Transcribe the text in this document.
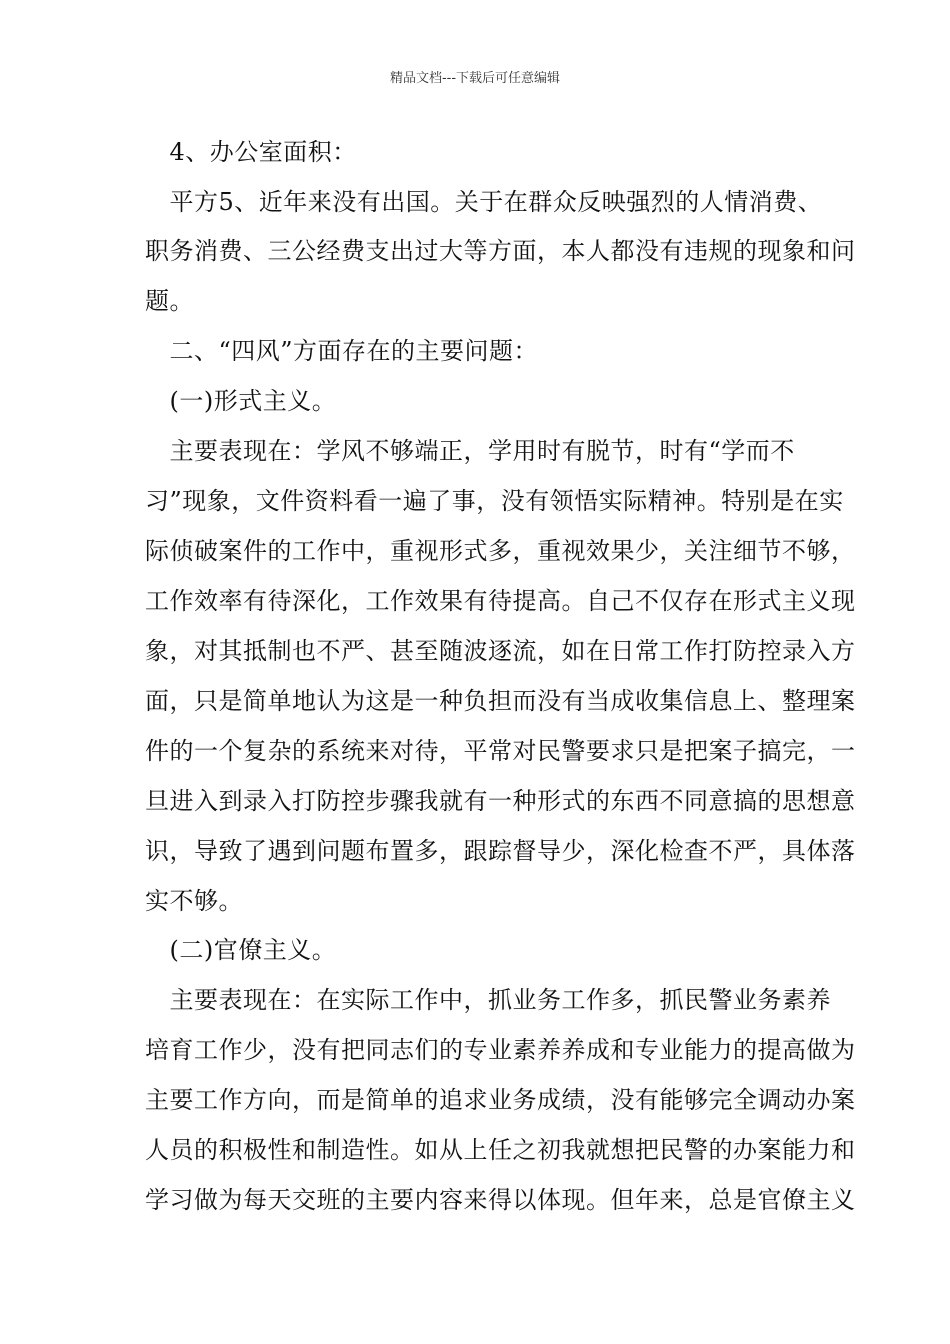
精品文档---下载后可任意编辑
　4、办公室面积：
　平方5、近年来没有出国。关于在群众反映强烈的人情消费、
职务消费、三公经费支出过大等方面，本人都没有违规的现象和问
题。
　二、“四风”方面存在的主要问题：
　(一)形式主义。
　主要表现在：学风不够端正，学用时有脱节，时有“学而不
习”现象，文件资料看一遍了事，没有领悟实际精神。特别是在实
际侦破案件的工作中，重视形式多，重视效果少，关注细节不够，
工作效率有待深化，工作效果有待提高。自己不仅存在形式主义现
象，对其抵制也不严、甚至随波逐流，如在日常工作打防控录入方
面，只是简单地认为这是一种负担而没有当成收集信息上、整理案
件的一个复杂的系统来对待，平常对民警要求只是把案子搞完，一
旦进入到录入打防控步骤我就有一种形式的东西不同意搞的思想意
识，导致了遇到问题布置多，跟踪督导少，深化检查不严，具体落
实不够。
　(二)官僚主义。
　主要表现在：在实际工作中，抓业务工作多，抓民警业务素养
培育工作少，没有把同志们的专业素养养成和专业能力的提高做为
主要工作方向，而是简单的追求业务成绩，没有能够完全调动办案
人员的积极性和制造性。如从上任之初我就想把民警的办案能力和
学习做为每天交班的主要内容来得以体现。但年来，总是官僚主义
